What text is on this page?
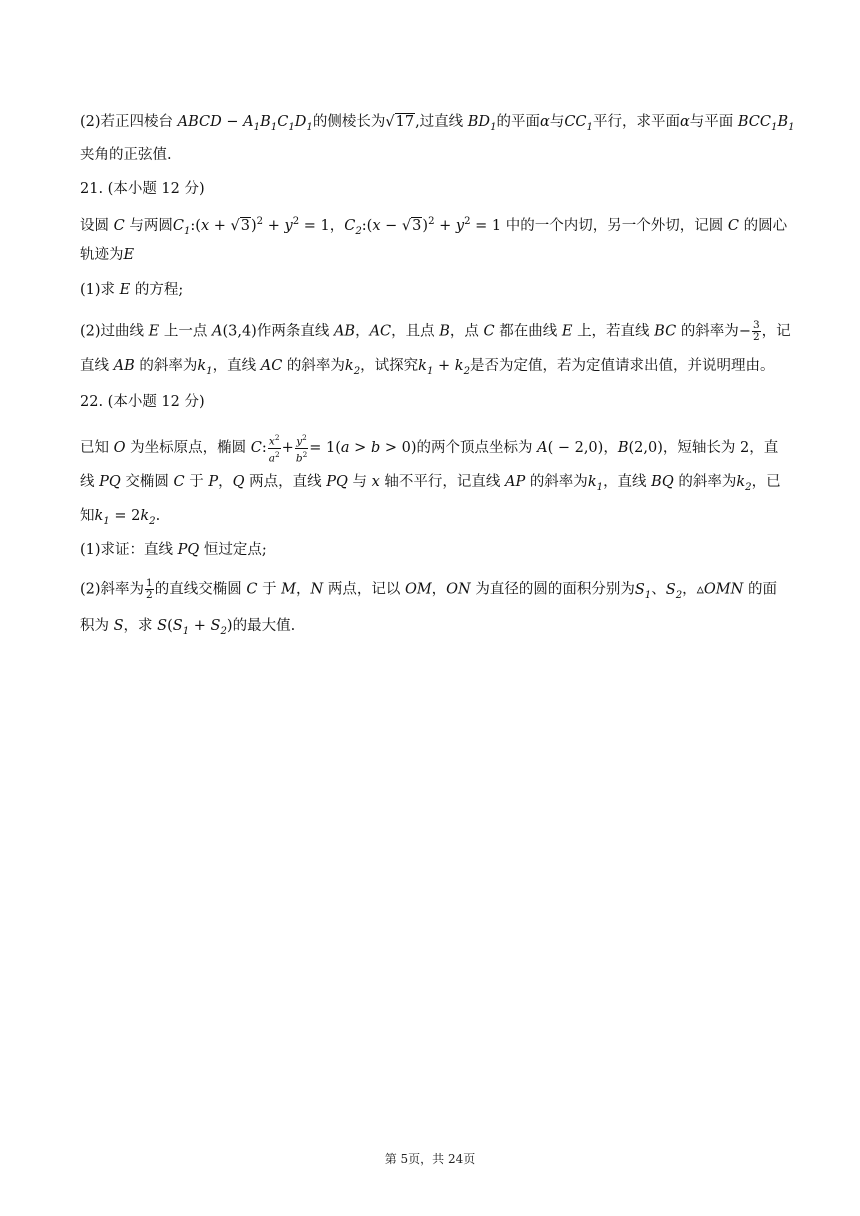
(2)若正四棱台 ABCD − $A_1B_1C_1D_1$的侧棱长为√17,过直线 $BD_1$的平面α与$CC_1$平行，求平面α与平面 $BCC_1B_1$
夹角的正弦值.
21. (本小题 12 分)
设圆 C 与两圆$C_1:(x + √3)^2 + y^2 = 1$，$C_2:(x - √3)^2 + y^2 = 1$ 中的一个内切，另一个外切，记圆 C 的圆心
轨迹为E
(1)求 E 的方程;
(2)过曲线 E 上一点 A(3,4)作两条直线 AB，AC，且点 B，点 C 都在曲线 E 上，若直线 BC 的斜率为− $\frac{3}{2}$ ，记
直线 AB 的斜率为$k_1$，直线 AC 的斜率为$k_2$，试探究$k_1 + k_2$是否为定值，若为定值请求出值，并说明理由。
22. (本小题 12 分)
已知 O 为坐标原点，椭圆 C: $\frac{x^2}{a^2} + \frac{y^2}{b^2} = 1(a > b > 0)$的两个顶点坐标为 A( − 2,0)，B(2,0)，短轴长为 2，直
线 PQ 交椭圆 C 于 P，Q 两点，直线 PQ 与 x 轴不平行，记直线 AP 的斜率为$k_1$，直线 BQ 的斜率为$k_2$，已
知$k_1 = 2k_2$.
(1)求证：直线 PQ 恒过定点;
(2)斜率为 $\frac{1}{2}$ 的直线交椭圆 C 于 M，N 两点，记以 OM，ON 为直径的圆的面积分别为$S_1$、$S_2$，▵OMN 的面
积为 S，求 $S(S_1 + S_2)$的最大值.
第 5页，共 24页
